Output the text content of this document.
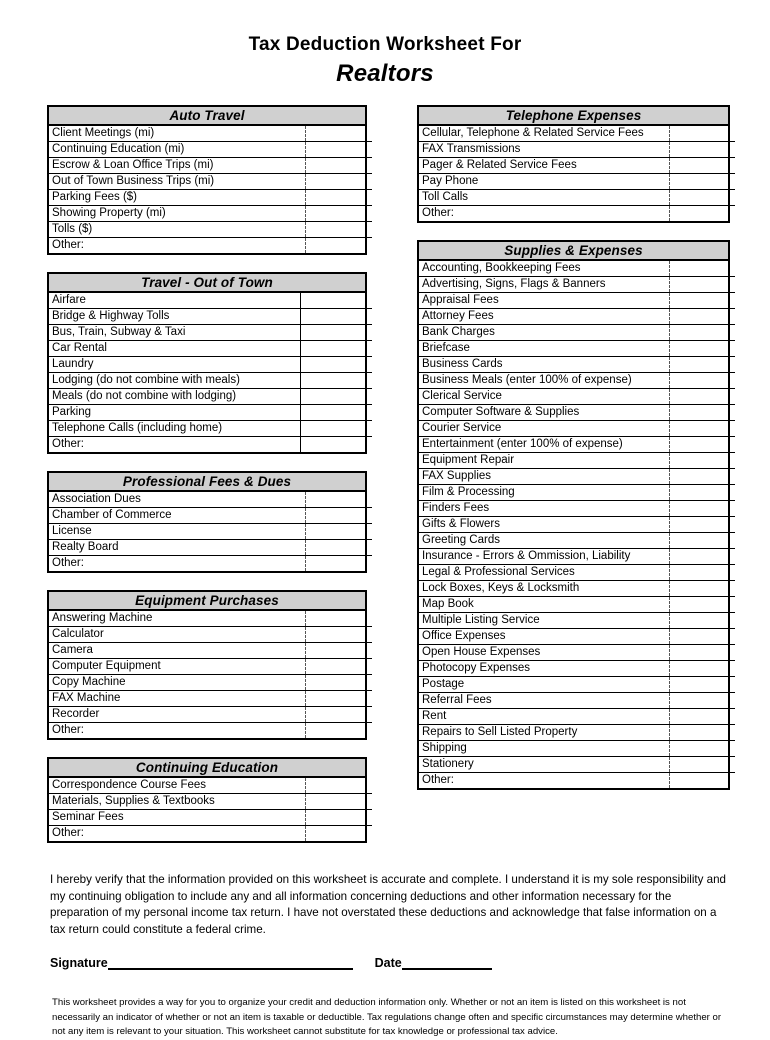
Tax Deduction Worksheet For
Realtors
Auto Travel
Client Meetings (mi)	
Continuing Education (mi)	
Escrow & Loan Office Trips (mi)	
Out of Town Business Trips (mi)	
Parking Fees ($)	
Showing Property (mi)	
Tolls ($)	
Other:	
Travel - Out of Town
Airfare	
Bridge & Highway Tolls	
Bus, Train, Subway & Taxi	
Car Rental	
Laundry	
Lodging (do not combine with meals)	
Meals (do not combine with lodging)	
Parking	
Telephone Calls (including home)	
Other:	
Professional Fees & Dues
Association Dues	
Chamber of Commerce	
License	
Realty Board	
Other:	
Equipment Purchases
Answering Machine	
Calculator	
Camera	
Computer Equipment	
Copy Machine	
FAX Machine	
Recorder	
Other:	
Continuing Education
Correspondence Course Fees	
Materials, Supplies & Textbooks	
Seminar Fees	
Other:	
Telephone Expenses
Cellular, Telephone & Related Service Fees	
FAX Transmissions	
Pager & Related Service Fees	
Pay Phone	
Toll Calls	
Other:	
Supplies & Expenses
Accounting, Bookkeeping Fees	
Advertising, Signs, Flags & Banners	
Appraisal Fees	
Attorney Fees	
Bank Charges	
Briefcase	
Business Cards	
Business Meals (enter 100% of expense)	
Clerical Service	
Computer Software & Supplies	
Courier Service	
Entertainment (enter 100% of expense)	
Equipment Repair	
FAX Supplies	
Film & Processing	
Finders Fees	
Gifts & Flowers	
Greeting Cards	
Insurance - Errors & Ommission, Liability	
Legal & Professional Services	
Lock Boxes, Keys & Locksmith	
Map Book	
Multiple Listing Service	
Office Expenses	
Open House Expenses	
Photocopy Expenses	
Postage	
Referral Fees	
Rent	
Repairs to Sell Listed Property	
Shipping	
Stationery	
Other:	
I hereby verify that the information provided on this worksheet is accurate and complete. I understand it is my sole responsibility and my continuing obligation to include any and all information concerning deductions and other information necessary for the preparation of my personal income tax return. I have not overstated these deductions and acknowledge that false information on a tax return could constitute a federal crime.
Signature	Date
This worksheet provides a way for you to organize your credit and deduction information only. Whether or not an item is listed on this worksheet is not necessarily an indicator of whether or not an item is taxable or deductible. Tax regulations change often and specific circumstances may determine whether or not any item is relevant to your situation. This worksheet cannot substitute for tax knowledge or professional tax advice.
